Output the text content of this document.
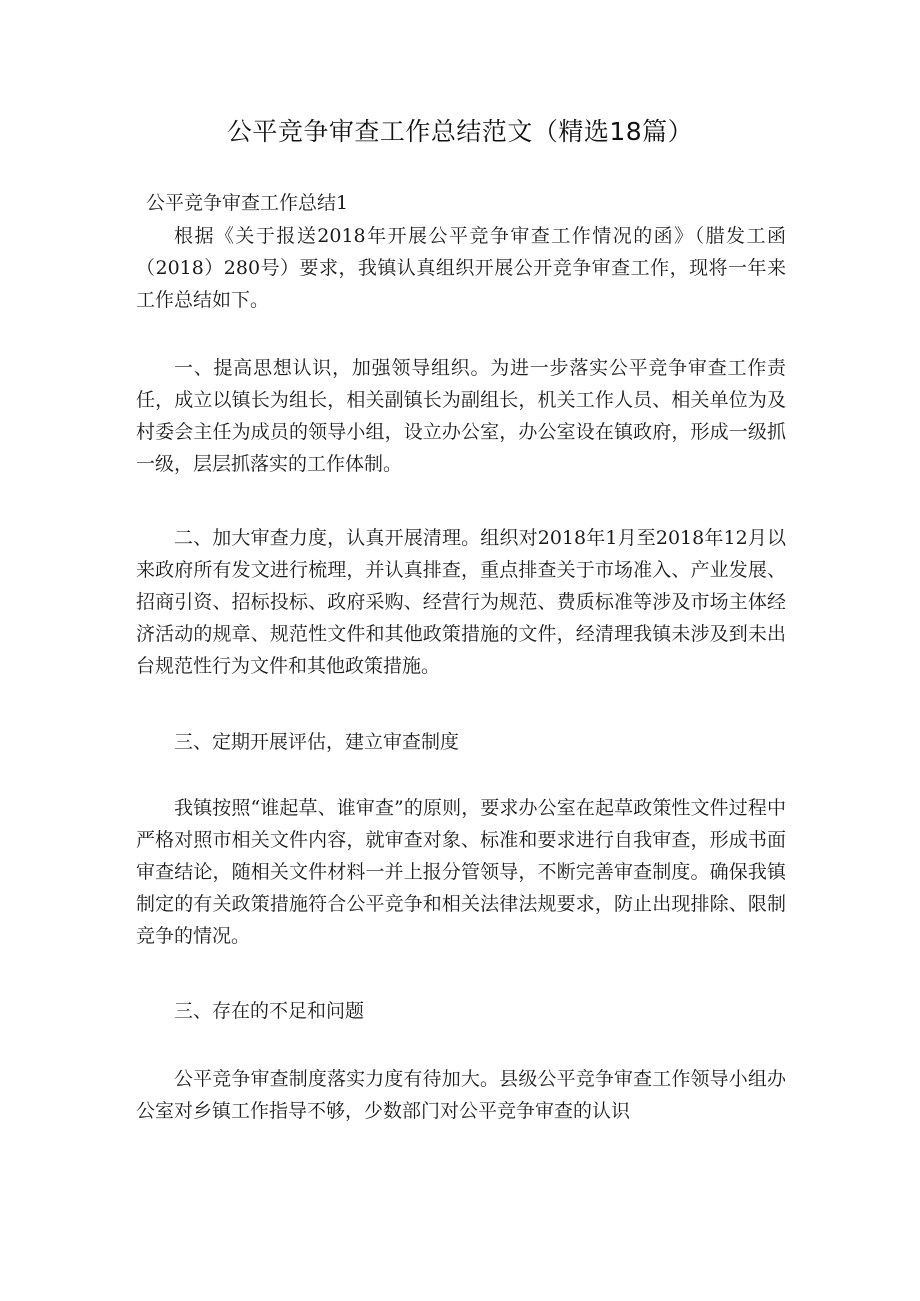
公平竞争审查工作总结范文（精选18篇）

公平竞争审查工作总结1

根据《关于报送2018年开展公平竞争审查工作情况的函》（腊发工函（2018）280号）要求，我镇认真组织开展公开竞争审查工作，现将一年来工作总结如下。

一、提高思想认识，加强领导组织。为进一步落实公平竞争审查工作责任，成立以镇长为组长，相关副镇长为副组长，机关工作人员、相关单位为及村委会主任为成员的领导小组，设立办公室，办公室设在镇政府，形成一级抓一级，层层抓落实的工作体制。

二、加大审查力度，认真开展清理。组织对2018年1月至2018年12月以来政府所有发文进行梳理，并认真排查，重点排查关于市场准入、产业发展、招商引资、招标投标、政府采购、经营行为规范、费质标准等涉及市场主体经济活动的规章、规范性文件和其他政策措施的文件，经清理我镇未涉及到未出台规范性行为文件和其他政策措施。

三、定期开展评估，建立审查制度

我镇按照“谁起草、谁审查”的原则，要求办公室在起草政策性文件过程中严格对照市相关文件内容，就审查对象、标准和要求进行自我审查，形成书面审查结论，随相关文件材料一并上报分管领导，不断完善审查制度。确保我镇制定的有关政策措施符合公平竞争和相关法律法规要求，防止出现排除、限制竞争的情况。

三、存在的不足和问题

公平竞争审查制度落实力度有待加大。县级公平竞争审查工作领导小组办公室对乡镇工作指导不够，少数部门对公平竞争审查的认识
